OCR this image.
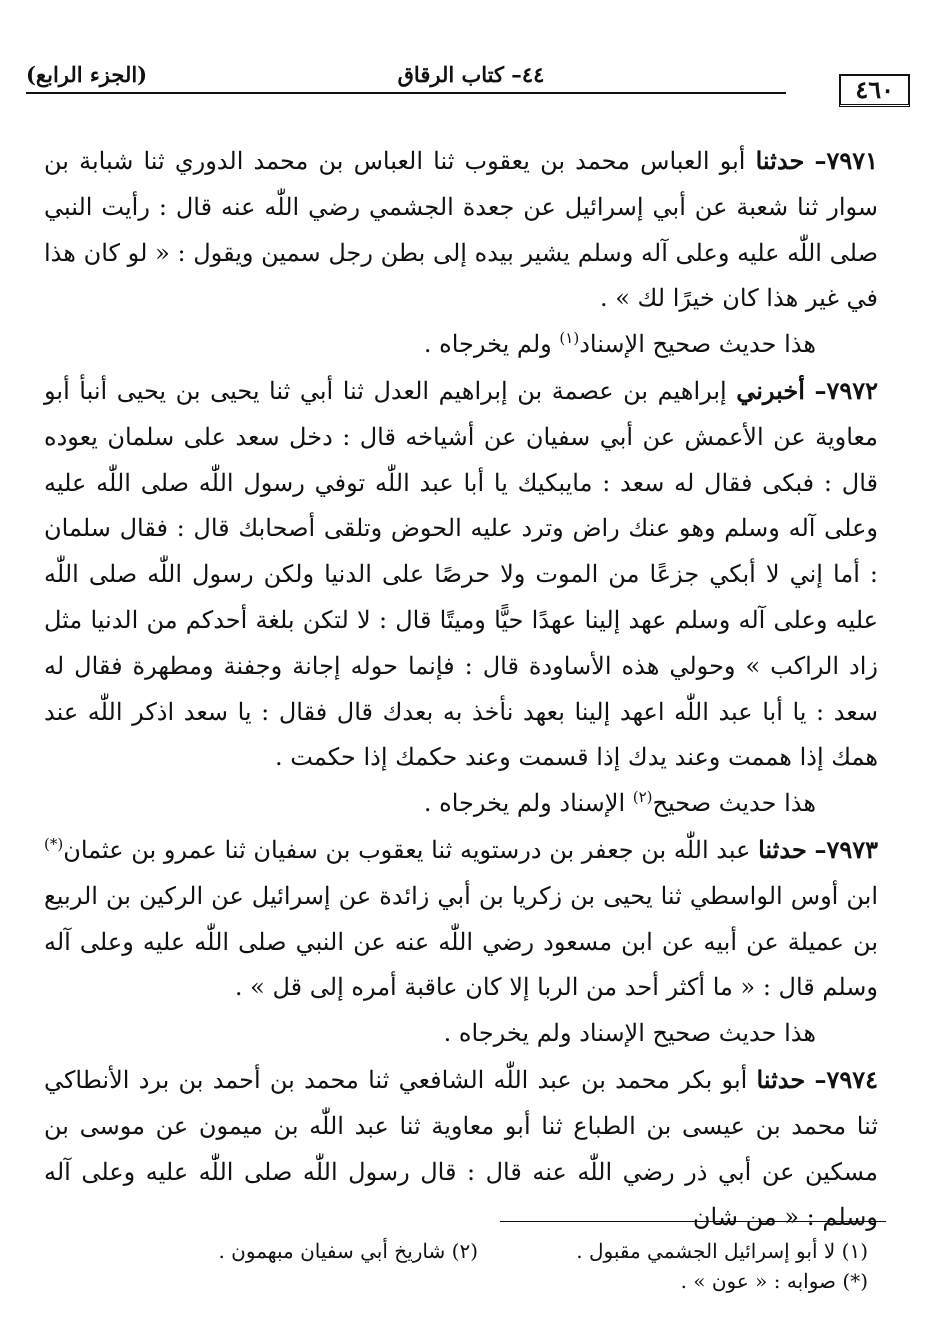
٤٦٠
٤٤– كتاب الرقاق
(الجزء الرابع)

٧٩٧١– حدثنا أبو العباس محمد بن يعقوب ثنا العباس بن محمد الدوري ثنا شبابة بن سوار ثنا شعبة عن أبي إسرائيل عن جعدة الجشمي رضي اللّٰه عنه قال : رأيت النبي صلى اللّٰه عليه وعلى آله وسلم يشير بيده إلى بطن رجل سمين ويقول : « لو كان هذا في غير هذا كان خيرًا لك » .

هذا حديث صحيح الإسناد$^{(١)}$ ولم يخرجاه .

٧٩٧٢– أخبرني إبراهيم بن عصمة بن إبراهيم العدل ثنا أبي ثنا يحيى بن يحيى أنبأ أبو معاوية عن الأعمش عن أبي سفيان عن أشياخه قال : دخل سعد على سلمان يعوده قال : فبكى فقال له سعد : مايبكيك يا أبا عبد اللّٰه توفي رسول اللّٰه صلى اللّٰه عليه وعلى آله وسلم وهو عنك راض وترد عليه الحوض وتلقى أصحابك قال : فقال سلمان : أما إني لا أبكي جزعًا من الموت ولا حرصًا على الدنيا ولكن رسول اللّٰه صلى اللّٰه عليه وعلى آله وسلم عهد إلينا عهدًا حيًّا وميتًا قال : لا لتكن بلغة أحدكم من الدنيا مثل زاد الراكب » وحولي هذه الأساودة قال : فإنما حوله إجانة وجفنة ومطهرة فقال له سعد : يا أبا عبد اللّٰه اعهد إلينا بعهد نأخذ به بعدك قال فقال : يا سعد اذكر اللّٰه عند همك إذا هممت وعند يدك إذا قسمت وعند حكمك إذا حكمت .

هذا حديث صحيح$^{(٢)}$ الإسناد ولم يخرجاه .

٧٩٧٣– حدثنا عبد اللّٰه بن جعفر بن درستويه ثنا يعقوب بن سفيان ثنا عمرو بن عثمان(*) ابن أوس الواسطي ثنا يحيى بن زكريا بن أبي زائدة عن إسرائيل عن الركين بن الربيع بن عميلة عن أبيه عن ابن مسعود رضي اللّٰه عنه عن النبي صلى اللّٰه عليه وعلى آله وسلم قال : « ما أكثر أحد من الربا إلا كان عاقبة أمره إلى قل » .

هذا حديث صحيح الإسناد ولم يخرجاه .

٧٩٧٤– حدثنا أبو بكر محمد بن عبد اللّٰه الشافعي ثنا محمد بن أحمد بن برد الأنطاكي ثنا محمد بن عيسى بن الطباع ثنا أبو معاوية ثنا عبد اللّٰه بن ميمون عن موسى بن مسكين عن أبي ذر رضي اللّٰه عنه قال : قال رسول اللّٰه صلى اللّٰه عليه وعلى آله وسلم : « من شان

(١) لا أبو إسرائيل الجشمي مقبول .
(٢) شاريخ أبي سفيان مبهمون .
(*) صوابه : « عون » .
